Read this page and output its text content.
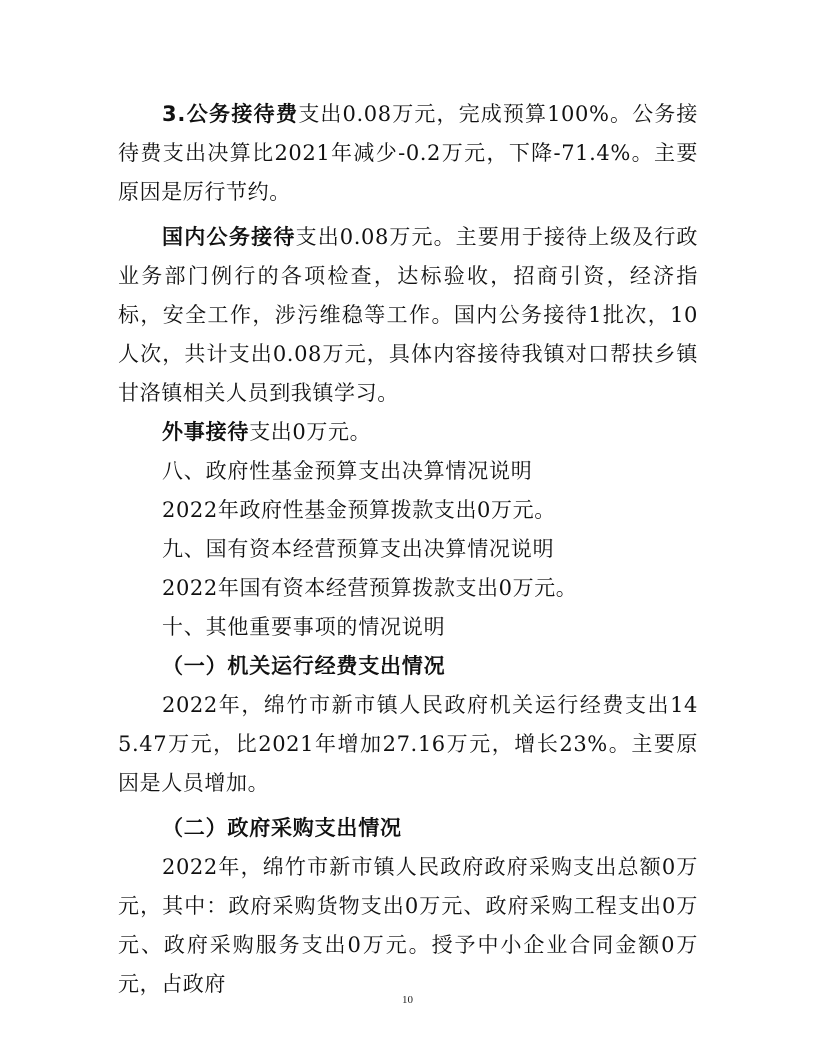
3.公务接待费支出0.08万元，完成预算100%。公务接待费支出决算比2021年减少-0.2万元，下降-71.4%。主要原因是厉行节约。

国内公务接待支出0.08万元。主要用于接待上级及行政业务部门例行的各项检查，达标验收，招商引资，经济指标，安全工作，涉污维稳等工作。国内公务接待1批次，10人次，共计支出0.08万元，具体内容接待我镇对口帮扶乡镇甘洛镇相关人员到我镇学习。

外事接待支出0万元。

八、政府性基金预算支出决算情况说明

2022年政府性基金预算拨款支出0万元。

九、国有资本经营预算支出决算情况说明

2022年国有资本经营预算拨款支出0万元。

十、其他重要事项的情况说明

（一）机关运行经费支出情况

2022年，绵竹市新市镇人民政府机关运行经费支出145.47万元，比2021年增加27.16万元，增长23%。主要原因是人员增加。

（二）政府采购支出情况

2022年，绵竹市新市镇人民政府政府采购支出总额0万元，其中：政府采购货物支出0万元、政府采购工程支出0万元、政府采购服务支出0万元。授予中小企业合同金额0万元，占政府

10
